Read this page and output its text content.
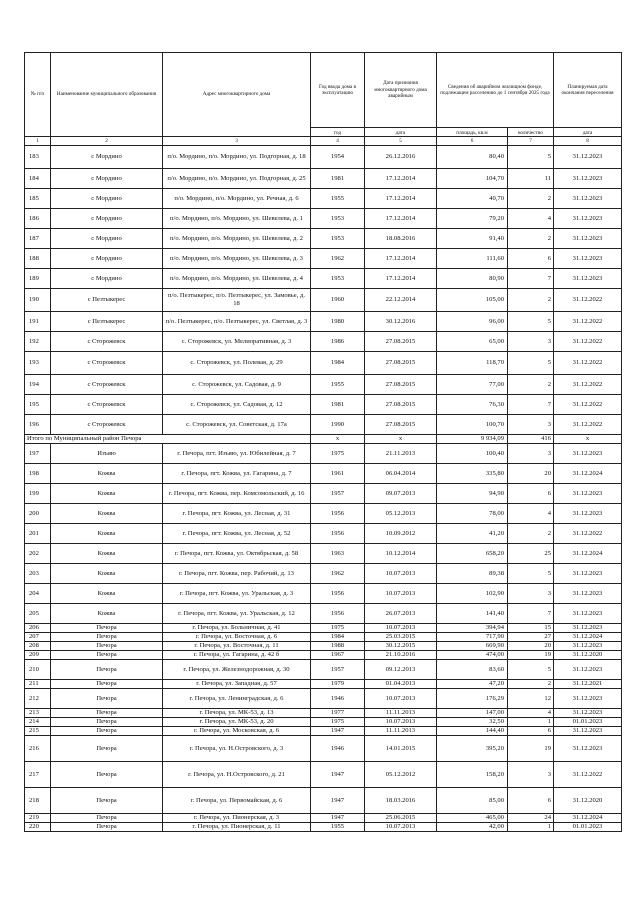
№ п/п	Наименование муниципального образования	Адрес многоквартирного дома	Год ввода дома в эксплуатацию	Дата признания многоквартирного дома аварийным	Сведения об аварийном жилищном фонде, подлежащем расселению до 1 сентября 2025 года		Планируемая дата окончания переселения
			год	дата	площадь, кв.м	количество	дата
1	2	3	4	5	6	7	8
183	с Мордино	п/о. Мордино, п/о. Мордино, ул. Подгорная, д. 18	1954	26.12.2016	80,40	5	31.12.2023
184	с Мордино	п/о. Мордино, п/о. Мордино, ул. Подгорная, д. 25	1981	17.12.2014	104,70	11	31.12.2023
185	с Мордино	п/о. Мордино, п/о. Мордино, ул. Речная, д. 6	1955	17.12.2014	40,70	2	31.12.2023
186	с Мордино	п/о. Мордино, п/о. Мордино, ул. Шевелева, д. 1	1953	17.12.2014	79,20	4	31.12.2023
187	с Мордино	п/о. Мордино, п/о. Мордино, ул. Шевелева, д. 2	1953	18.08.2016	91,40	2	31.12.2023
188	с Мордино	п/о. Мордино, п/о. Мордино, ул. Шевелева, д. 3	1962	17.12.2014	111,60	6	31.12.2023
189	с Мордино	п/о. Мордино, п/о. Мордино, ул. Шевелева, д. 4	1953	17.12.2014	80,90	7	31.12.2023
190	с Пезтыкерес	п/о. Пезтыкерес, п/о. Пезтыкерес, ул. Замовье, д. 18	1960	22.12.2014	105,00	2	31.12.2022
191	с Пезтыкерес	п/о. Пезтыкерес, п/о. Пезтыкерес, ул. Светлая, д. 3	1980	30.12.2016	96,00	5	31.12.2022
192	с Сторожевск	с. Сторожевск, ул. Мелиоративная, д. 3	1986	27.08.2015	65,00	3	31.12.2022
193	с Сторожевск	с. Сторожевск, ул. Полевая, д. 29	1984	27.08.2015	118,70	5	31.12.2022
194	с Сторожевск	с. Сторожевск, ул. Садовая, д. 9	1955	27.08.2015	77,00	2	31.12.2022
195	с Сторожевск	с. Сторожевск, ул. Садовая, д. 12	1981	27.08.2015	76,30	7	31.12.2022
196	с Сторожевск	с. Сторожевск, ул. Советская, д. 17а	1990	27.08.2015	100,70	3	31.12.2022
Итого по Муниципальный район Печора			x	x	9 934,09	416	x
197	Изъяю	г. Печора, пгт. Изъяю, ул. Юбилейная, д. 7	1975	21.11.2013	100,40	3	31.12.2023
198	Кожва	г. Печора, пгт. Кожва, ул. Гагарина, д. 7	1961	06.04.2014	335,80	20	31.12.2024
199	Кожва	г. Печора, пгт. Кожва, пер. Комсомольский, д. 16	1957	09.07.2013	94,90	6	31.12.2023
200	Кожва	г. Печора, пгт. Кожва, ул. Лесная, д. 31	1956	05.12.2013	78,00	4	31.12.2023
201	Кожва	г. Печора, пгт. Кожва, ул. Лесная, д. 52	1956	10.09.2012	41,20	2	31.12.2022
202	Кожва	г. Печора, пгт. Кожва, ул. Октябрьская, д. 58	1963	10.12.2014	658,20	25	31.12.2024
203	Кожва	г. Печора, пгт. Кожва, пер. Рабочий, д. 13	1962	10.07.2013	89,38	5	31.12.2023
204	Кожва	г. Печора, пгт. Кожва, ул. Уральская, д. 3	1956	10.07.2013	102,90	3	31.12.2023
205	Кожва	г. Печора, пгт. Кожва, ул. Уральская, д. 12	1956	26.07.2013	141,40	7	31.12.2023
206	Печора	г. Печора, ул. Больничная, д. 41	1975	10.07.2013	394,94	15	31.12.2023
207	Печора	г. Печора, ул. Восточная, д. 6	1984	25.03.2015	717,90	27	31.12.2024
208	Печора	г. Печора, ул. Восточная, д. 11	1988	30.12.2015	669,90	20	31.12.2023
209	Печора	г. Печора, ул. Гагарина, д. 42 б	1967	21.10.2016	474,00	19	31.12.2020
210	Печора	г. Печора, ул. Железнодорожная, д. 30	1957	09.12.2013	83,60	5	31.12.2023
211	Печора	г. Печора, ул. Западная, д. 57	1979	01.04.2013	47,20	2	31.12.2021
212	Печора	г. Печора, ул. Ленинградская, д. 6	1946	10.07.2013	176,29	12	31.12.2023
213	Печора	г. Печора, ул. МК-53, д. 13	1977	11.11.2013	147,00	4	31.12.2023
214	Печора	г. Печора, ул. МК-53, д. 20	1975	10.07.2013	32,50	1	01.01.2023
215	Печора	г. Печора, ул. Московская, д. 6	1947	11.11.2013	144,40	6	31.12.2023
216	Печора	г. Печора, ул. Н.Островского, д. 3	1946	14.01.2015	395,20	19	31.12.2023
217	Печора	г. Печора, ул. Н.Островского, д. 21	1947	05.12.2012	158,20	3	31.12.2022
218	Печора	г. Печора, ул. Первомайская, д. 6	1947	18.03.2016	85,00	6	31.12.2020
219	Печора	г. Печора, ул. Пионерская, д. 3	1947	25.06.2015	465,00	24	31.12.2024
220	Печора	г. Печора, ул. Пионерская, д. 11	1955	10.07.2013	42,00	1	01.01.2023
